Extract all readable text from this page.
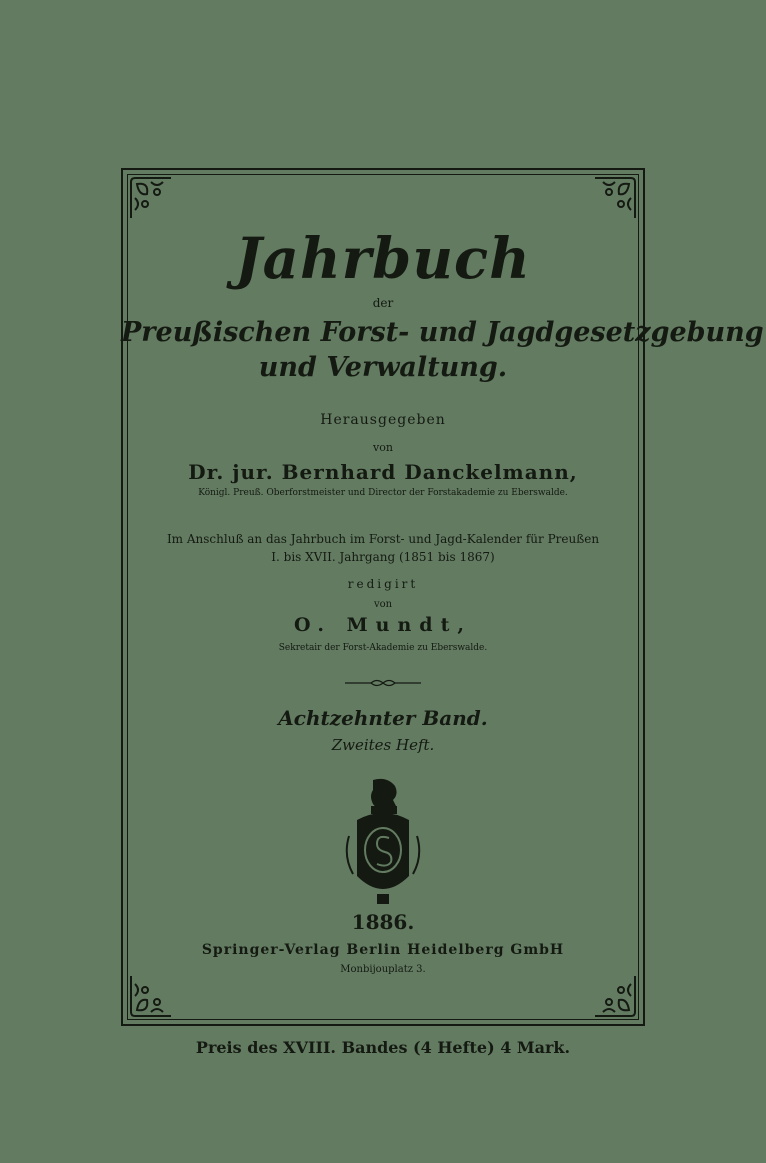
Jahrbuch
der
Preußischen Forst- und Jagdgesetzgebung
und Verwaltung.
Herausgegeben
von
Dr. jur. Bernhard Danckelmann,
Königl. Preuß. Oberforstmeister und Director der Forstakademie zu Eberswalde.
Im Anschluß an das Jahrbuch im Forst- und Jagd-Kalender für Preußen
I. bis XVII. Jahrgang (1851 bis 1867)
redigirt
von
O. Mundt,
Sekretair der Forst-Akademie zu Eberswalde.
Achtzehnter Band.
Zweites Heft.
1886.
Springer-Verlag Berlin Heidelberg GmbH
Monbijouplatz 3.
Preis des XVIII. Bandes (4 Hefte) 4 Mark.
